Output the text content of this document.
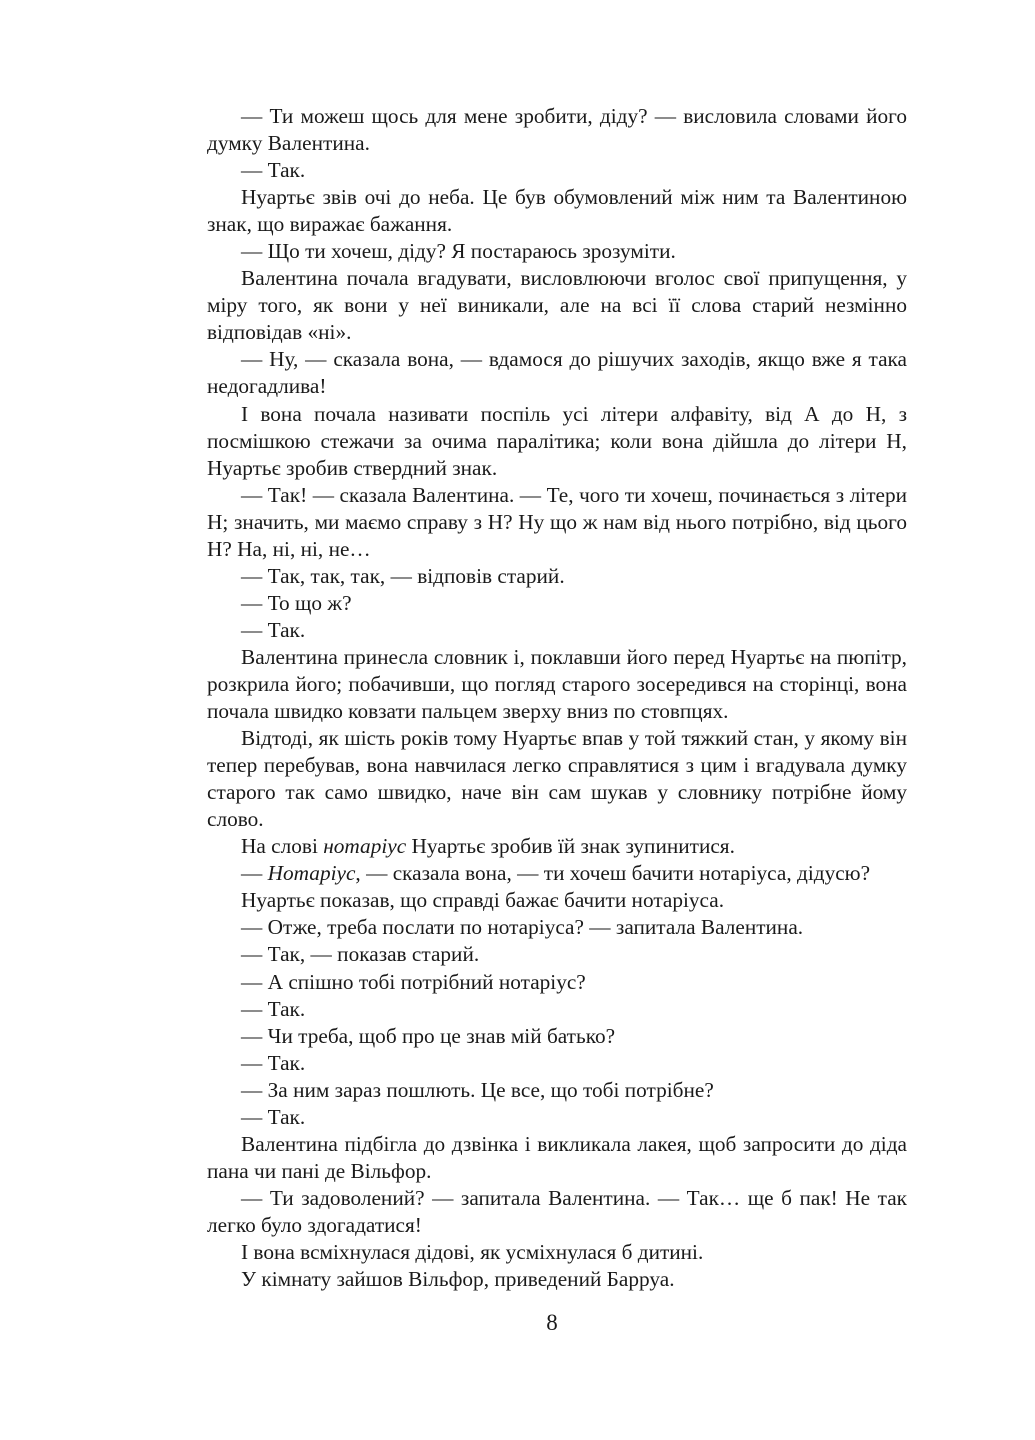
— Ти можеш щось для мене зробити, діду? — висловила словами його думку Валентина.

— Так.

Нуартьє звів очі до неба. Це був обумовлений між ним та Валентиною знак, що виражає бажання.

— Що ти хочеш, діду? Я постараюсь зрозуміти.

Валентина почала вгадувати, висловлюючи вголос свої припущення, у міру того, як вони у неї виникали, але на всі її слова старий незмінно відповідав «ні».

— Ну, — сказала вона, — вдамося до рішучих заходів, якщо вже я така недогадлива!

І вона почала називати поспіль усі літери алфавіту, від А до Н, з посмішкою стежачи за очима паралітика; коли вона дійшла до літери Н, Нуартьє зробив ствердний знак.

— Так! — сказала Валентина. — Те, чого ти хочеш, починається з літери Н; значить, ми маємо справу з Н? Ну що ж нам від нього потрібно, від цього Н? На, ні, ні, не…

— Так, так, так, — відповів старий.

— То що ж?

— Так.

Валентина принесла словник і, поклавши його перед Нуартьє на пюпітр, розкрила його; побачивши, що погляд старого зосередився на сторінці, вона почала швидко ковзати пальцем зверху вниз по стовпцях.

Відтоді, як шість років тому Нуартьє впав у той тяжкий стан, у якому він тепер перебував, вона навчилася легко справлятися з цим і вгадувала думку старого так само швидко, наче він сам шукав у словнику потрібне йому слово.

На слові нотаріус Нуартьє зробив їй знак зупинитися.

— Нотаріус, — сказала вона, — ти хочеш бачити нотаріуса, дідусю?

Нуартьє показав, що справді бажає бачити нотаріуса.

— Отже, треба послати по нотаріуса? — запитала Валентина.

— Так, — показав старий.

— А спішно тобі потрібний нотаріус?

— Так.

— Чи треба, щоб про це знав мій батько?

— Так.

— За ним зараз пошлють. Це все, що тобі потрібне?

— Так.

Валентина підбігла до дзвінка і викликала лакея, щоб запросити до діда пана чи пані де Вільфор.

— Ти задоволений? — запитала Валентина. — Так… ще б пак! Не так легко було здогадатися!

І вона всміхнулася дідові, як усміхнулася б дитині.

У кімнату зайшов Вільфор, приведений Барруа.

8
